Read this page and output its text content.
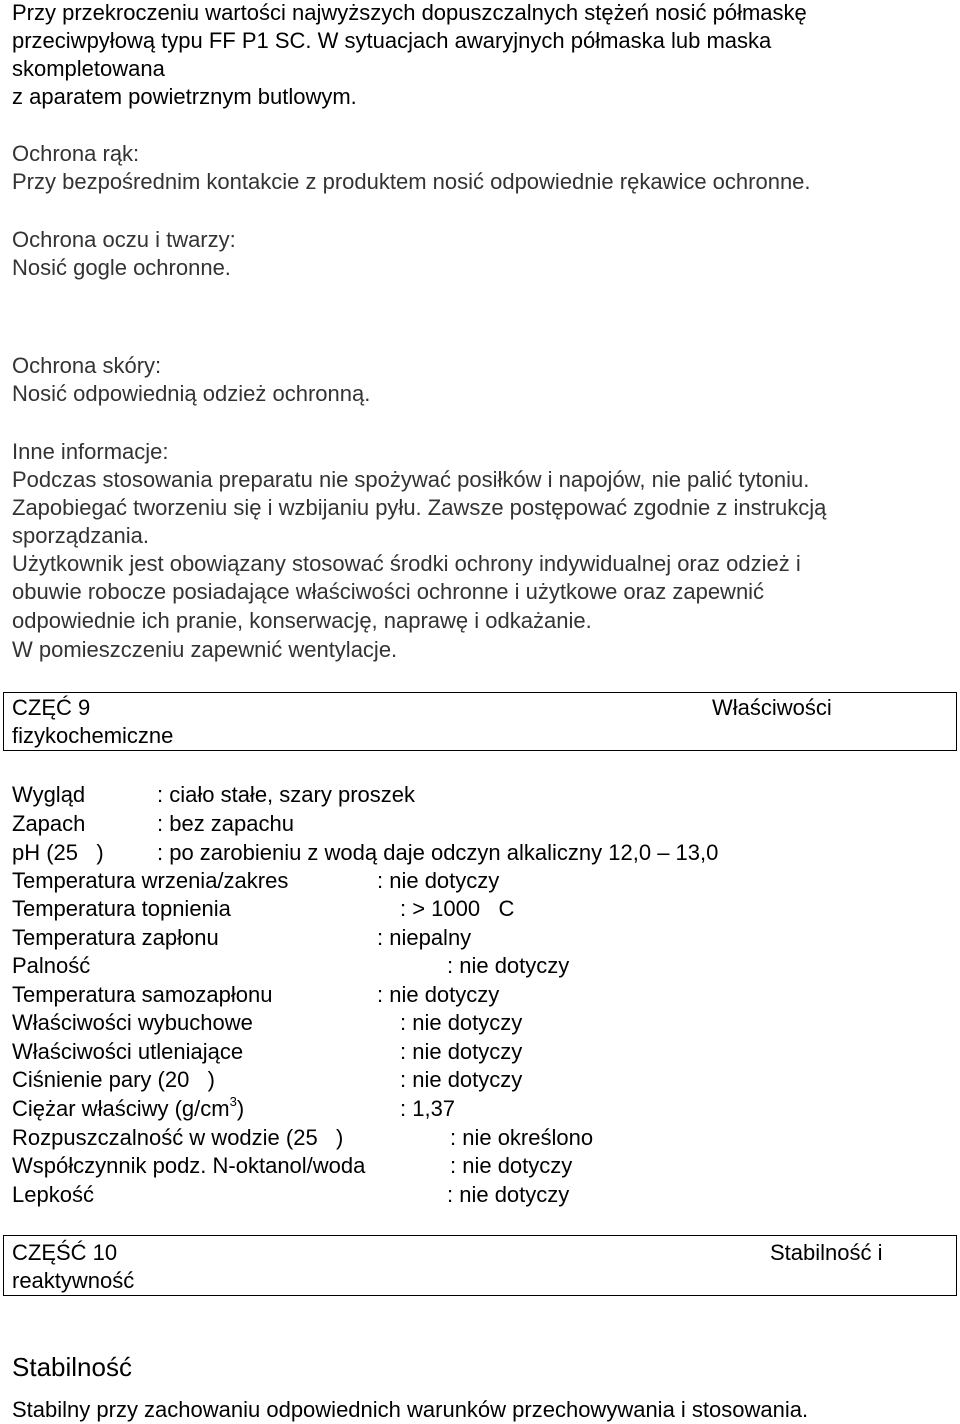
Przy przekroczeniu wartości najwyższych dopuszczalnych stężeń nosić półmaskę
przeciwpyłową typu FF P1 SC. W sytuacjach awaryjnych półmaska lub maska
skompletowana
z aparatem powietrznym butlowym.
Ochrona rąk:
Przy bezpośrednim kontakcie z produktem nosić odpowiednie rękawice ochronne.
Ochrona oczu i twarzy:
Nosić gogle ochronne.
Ochrona skóry:
Nosić odpowiednią odzież ochronną.
Inne informacje:
Podczas stosowania preparatu nie spożywać posiłków i napojów, nie palić tytoniu.
Zapobiegać tworzeniu się i wzbijaniu pyłu. Zawsze postępować zgodnie z instrukcją
sporządzania.
Użytkownik jest obowiązany stosować środki ochrony indywidualnej oraz odzież i
obuwie robocze posiadające właściwości ochronne i użytkowe oraz zapewnić
odpowiednie ich pranie, konserwację, naprawę i odkażanie.
W pomieszczeniu zapewnić wentylacje.
CZĘĆ 9	Właściwości
fizykochemiczne
Wygląd	: ciało stałe, szary proszek
Zapach	: bez zapachu
pH (25   ) : po zarobieniu z wodą daje odczyn alkaliczny 12,0 – 13,0
Temperatura wrzenia/zakres	: nie dotyczy
Temperatura topnienia	: > 1000   C
Temperatura zapłonu	: niepalny
Palność	: nie dotyczy
Temperatura samozapłonu	: nie dotyczy
Właściwości wybuchowe	: nie dotyczy
Właściwości utleniające	: nie dotyczy
Ciśnienie pary (20   )	: nie dotyczy
Ciężar właściwy $(g/cm^3)$	: 1,37
Rozpuszczalność w wodzie (25   )	: nie określono
Współczynnik podz. N-oktanol/woda	: nie dotyczy
Lepkość	: nie dotyczy
CZĘŚĆ 10	Stabilność i
reaktywność
Stabilność
Stabilny przy zachowaniu odpowiednich warunków przechowywania i stosowania.
